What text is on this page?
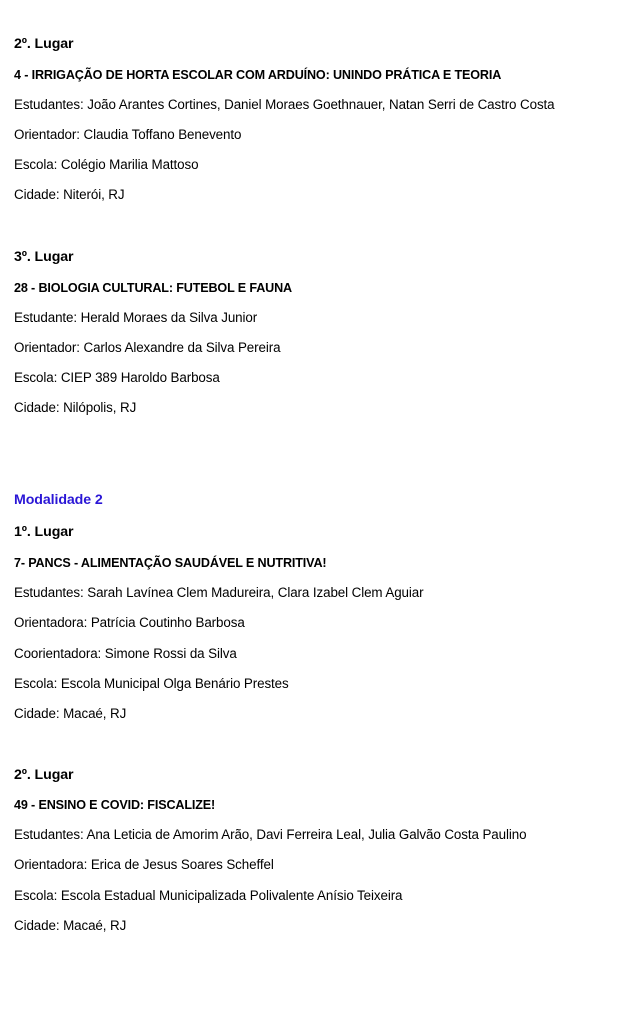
2º. Lugar
4 - IRRIGAÇÃO DE HORTA ESCOLAR COM ARDUÍNO: UNINDO PRÁTICA E TEORIA
Estudantes: João Arantes Cortines, Daniel Moraes Goethnauer, Natan Serri de Castro Costa
Orientador: Claudia Toffano Benevento
Escola: Colégio Marilia Mattoso
Cidade: Niterói, RJ
3º. Lugar
28 - BIOLOGIA CULTURAL: FUTEBOL E FAUNA
Estudante: Herald Moraes da Silva Junior
Orientador: Carlos Alexandre da Silva Pereira
Escola: CIEP 389 Haroldo Barbosa
Cidade: Nilópolis, RJ
Modalidade 2
1º. Lugar
7- PANCS - ALIMENTAÇÃO SAUDÁVEL E NUTRITIVA!
Estudantes: Sarah Lavínea Clem Madureira, Clara Izabel Clem Aguiar
Orientadora: Patrícia Coutinho Barbosa
Coorientadora: Simone Rossi da Silva
Escola: Escola Municipal Olga Benário Prestes
Cidade: Macaé, RJ
2º. Lugar
49 - ENSINO E COVID: FISCALIZE!
Estudantes: Ana Leticia de Amorim Arão, Davi Ferreira Leal, Julia Galvão Costa Paulino
Orientadora: Erica de Jesus Soares Scheffel
Escola: Escola Estadual Municipalizada Polivalente Anísio Teixeira
Cidade: Macaé, RJ
